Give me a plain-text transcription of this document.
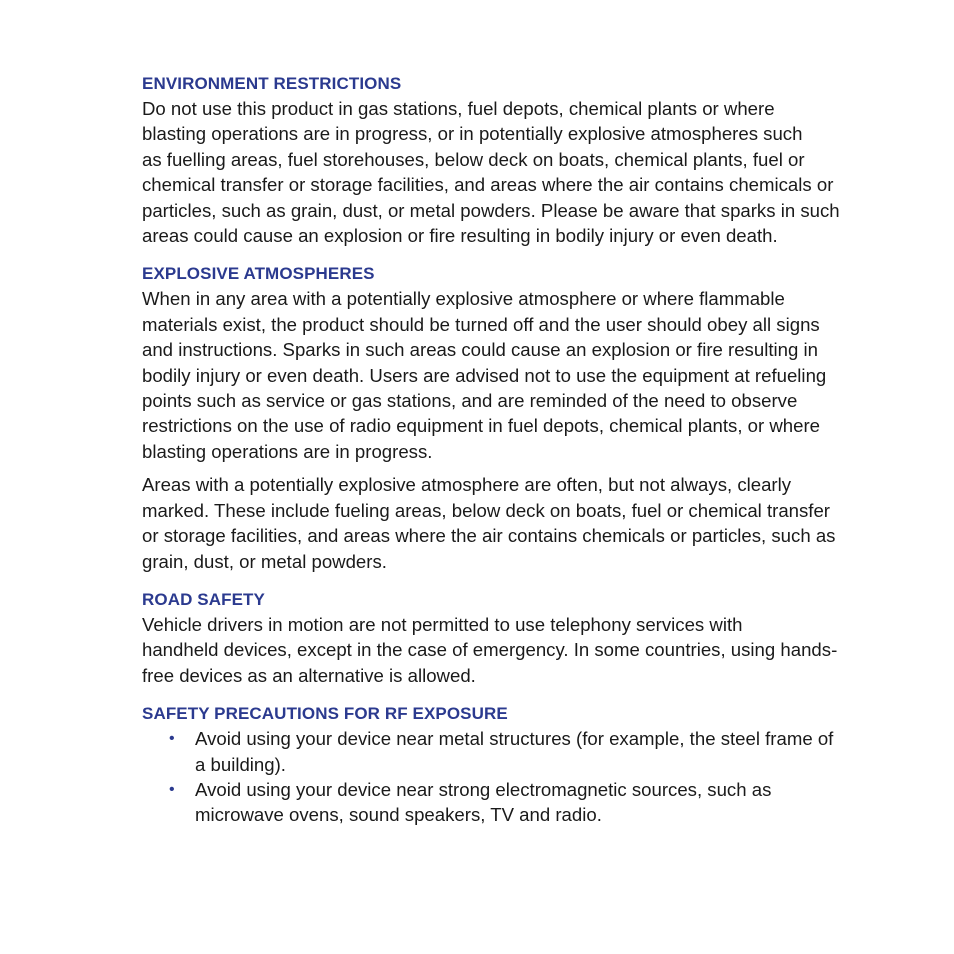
ENVIRONMENT RESTRICTIONS

Do not use this product in gas stations, fuel depots, chemical plants or where
blasting operations are in progress, or in potentially explosive atmospheres such
as fuelling areas, fuel storehouses, below deck on boats, chemical plants, fuel or
chemical transfer or storage facilities, and areas where the air contains chemicals or
particles, such as grain, dust, or metal powders. Please be aware that sparks in such
areas could cause an explosion or fire resulting in bodily injury or even death.

EXPLOSIVE ATMOSPHERES

When in any area with a potentially explosive atmosphere or where flammable
materials exist, the product should be turned off and the user should obey all signs
and instructions. Sparks in such areas could cause an explosion or fire resulting in
bodily injury or even death. Users are advised not to use the equipment at refueling
points such as service or gas stations, and are reminded of the need to observe
restrictions on the use of radio equipment in fuel depots, chemical plants, or where
blasting operations are in progress.

Areas with a potentially explosive atmosphere are often, but not always, clearly
marked. These include fueling areas, below deck on boats, fuel or chemical transfer
or storage facilities, and areas where the air contains chemicals or particles, such as
grain, dust, or metal powders.

ROAD SAFETY

Vehicle drivers in motion are not permitted to use telephony services with
handheld devices, except in the case of emergency. In some countries, using hands-
free devices as an alternative is allowed.

SAFETY PRECAUTIONS FOR RF EXPOSURE
• Avoid using your device near metal structures (for example, the steel frame of
a building).
• Avoid using your device near strong electromagnetic sources, such as
microwave ovens, sound speakers, TV and radio.
